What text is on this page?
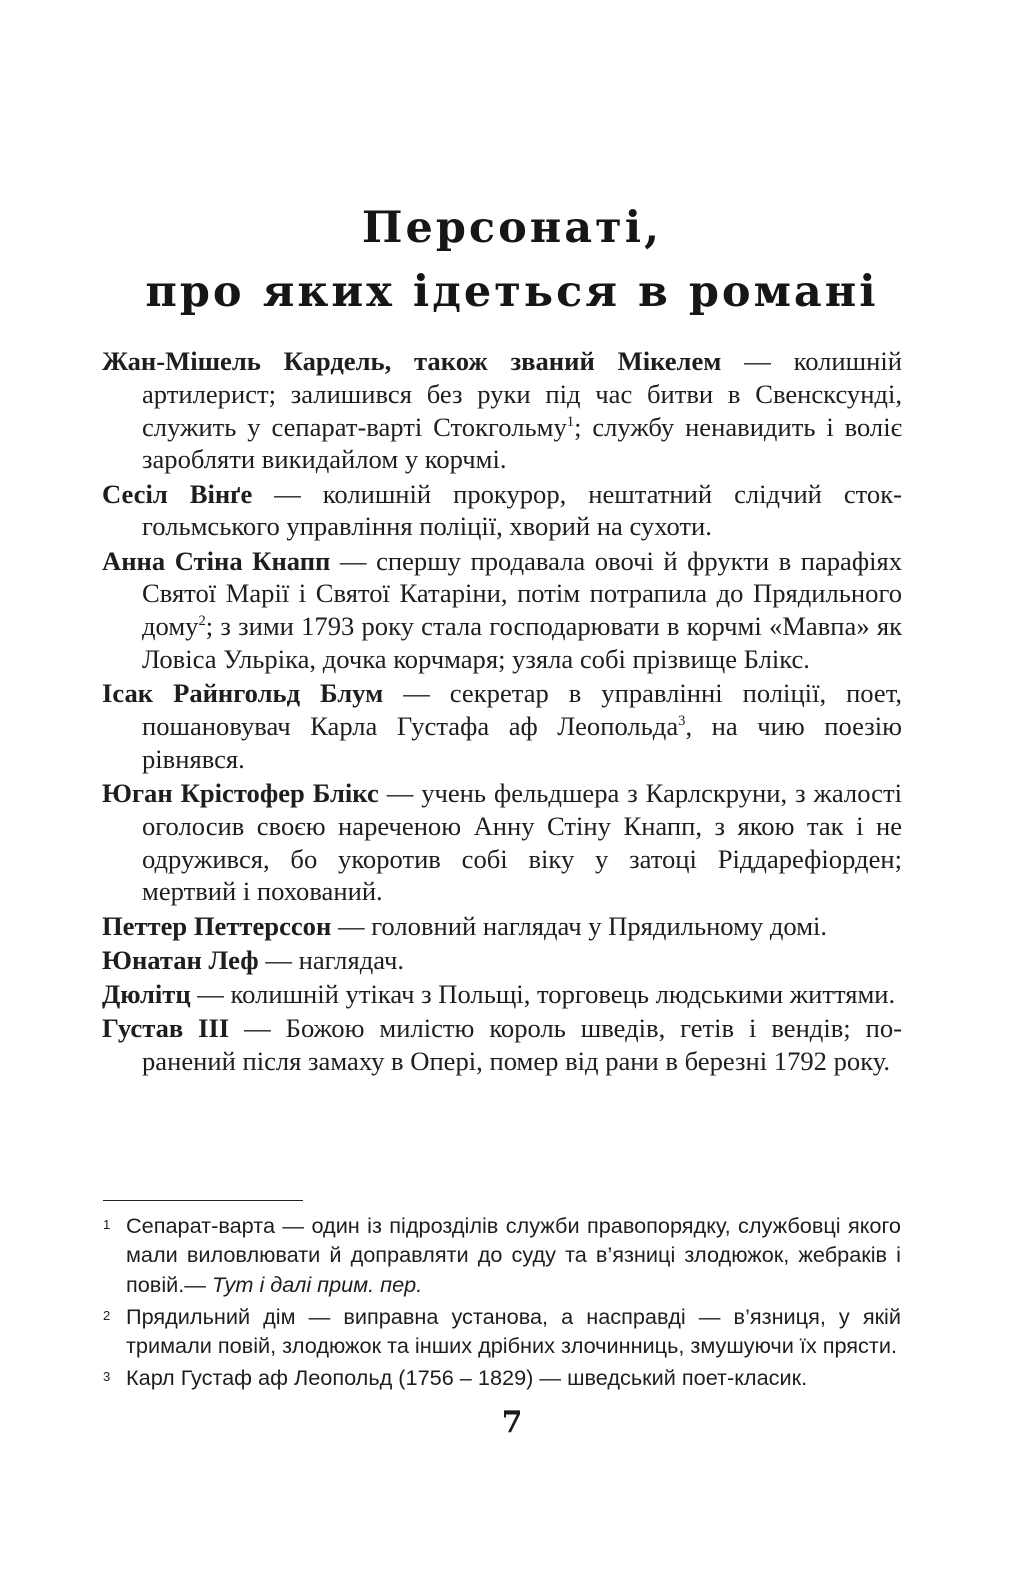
Персонаті,
про яких ідеться в романі

Жан-Мішель Кардель, також званий Мікелем — колишній артилерист; залишився без руки під час битви в Свенсксунді, служить у сепарат-варті Стокгольму$^1$; службу ненавидить і воліє заробляти викидайлом у корчмі.

Сесіл Вінґе — колишній прокурор, нештатний слідчий стокгольмського управління поліції, хворий на сухоти.

Анна Стіна Кнапп — спершу продавала овочі й фрукти в парафіях Святої Марії і Святої Катаріни, потім потрапила до Прядильного дому$^2$; з зими 1793 року стала господарювати в корчмі «Мавпа» як Ловіса Ульріка, дочка корчмаря; узяла собі прізвище Блікс.

Ісак Райнгольд Блум — секретар в управлінні поліції, поет, пошановувач Карла Густафа аф Леопольда$^3$, на чию поезію рівнявся.

Юган Крістофер Блікс — учень фельдшера з Карлскруни, з жалості оголосив своєю нареченою Анну Стіну Кнапп, з якою так і не одружився, бо укоротив собі віку у затоці Ріддарефіорден; мертвий і похований.

Петтер Петтерссон — головний наглядач у Прядильному домі.

Юнатан Леф — наглядач.

Дюлітц — колишній утікач з Польщі, торговець людськими життями.

Густав III — Божою милістю король шведів, гетів і вендів; поранений після замаху в Опері, помер від рани в березні 1792 року.

1 Сепарат-варта — один із підрозділів служби правопорядку, службовці якого мали виловлювати й доправляти до суду та в’язниці злодюжок, жебраків і повій.— Тут і далі прим. пер.
2 Прядильний дім — виправна установа, а насправді — в’язниця, у якій тримали повій, злодюжок та інших дрібних злочинниць, змушуючи їх прясти.
3 Карл Густаф аф Леопольд (1756 – 1829) — шведський поет-класик.
7
